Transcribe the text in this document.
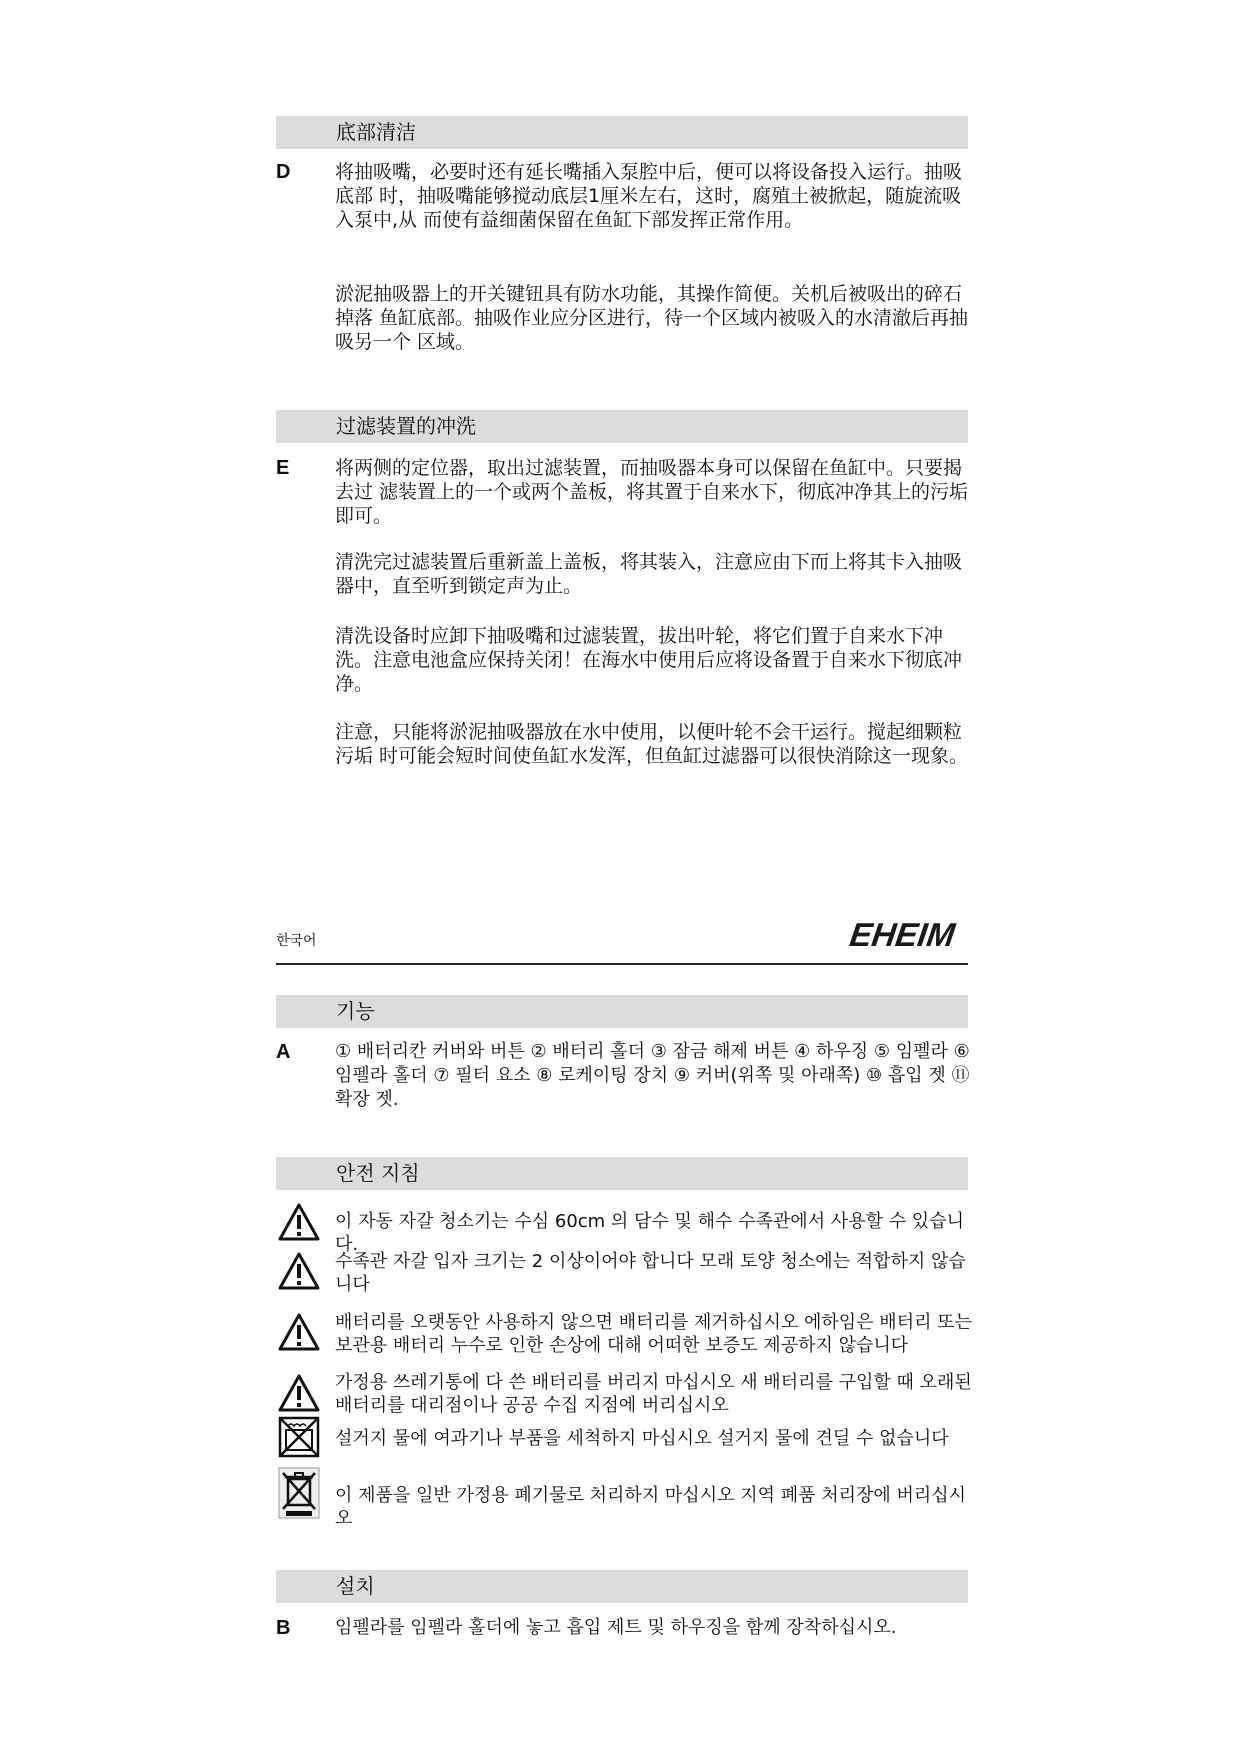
底部清洁
D 将抽吸嘴，必要时还有延长嘴插入泵腔中后，便可以将设备投入运行。抽吸底部 时，抽吸嘴能够搅动底层1厘米左右，这时，腐殖土被掀起，随旋流吸入泵中,从 而使有益细菌保留在鱼缸下部发挥正常作用。

淤泥抽吸器上的开关键钮具有防水功能，其操作简便。关机后被吸出的碎石掉落 鱼缸底部。抽吸作业应分区进行，待一个区域内被吸入的水清澈后再抽吸另一个 区域。

过滤装置的冲洗
E 将两侧的定位器，取出过滤装置，而抽吸器本身可以保留在鱼缸中。只要揭去过 滤装置上的一个或两个盖板，将其置于自来水下，彻底冲净其上的污垢即可。

清洗完过滤装置后重新盖上盖板，将其装入，注意应由下而上将其卡入抽吸器中，直至听到锁定声为止。

清洗设备时应卸下抽吸嘴和过滤装置，拔出叶轮，将它们置于自来水下冲洗。注意电池盒应保持关闭！在海水中使用后应将设备置于自来水下彻底冲净。

注意，只能将淤泥抽吸器放在水中使用，以便叶轮不会干运行。搅起细颗粒污垢 时可能会短时间使鱼缸水发浑，但鱼缸过滤器可以很快消除这一现象。

한국어	EHEIM
기능
A ① 배터리칸 커버와 버튼 ② 배터리 홀더 ③ 잠금 해제 버튼 ④ 하우징 ⑤ 임펠라 ⑥ 임펠라 홀더 ⑦ 필터 요소 ⑧ 로케이팅 장치 ⑨ 커버(위쪽 및 아래쪽) ⑩ 흡입 젯 ⑪ 확장 젯.

안전 지침

이 자동 자갈 청소기는 수심 60cm 의 담수 및 해수 수족관에서 사용할 수 있습니다.

수족관 자갈 입자 크기는 2 이상이어야 합니다 모래 토양 청소에는 적합하지 않습니다

배터리를 오랫동안 사용하지 않으면 배터리를 제거하십시오 에하임은 배터리 또는 보관용 배터리 누수로 인한 손상에 대해 어떠한 보증도 제공하지 않습니다

가정용 쓰레기통에 다 쓴 배터리를 버리지 마십시오 새 배터리를 구입할 때 오래된 배터리를 대리점이나 공공 수집 지점에 버리십시오

설거지 물에 여과기나 부품을 세척하지 마십시오 설거지 물에 견딜 수 없습니다

이 제품을 일반 가정용 폐기물로 처리하지 마십시오 지역 폐품 처리장에 버리십시오

설치
B 임펠라를 임펠라 홀더에 놓고 흡입 제트 및 하우징을 함께 장착하십시오.
